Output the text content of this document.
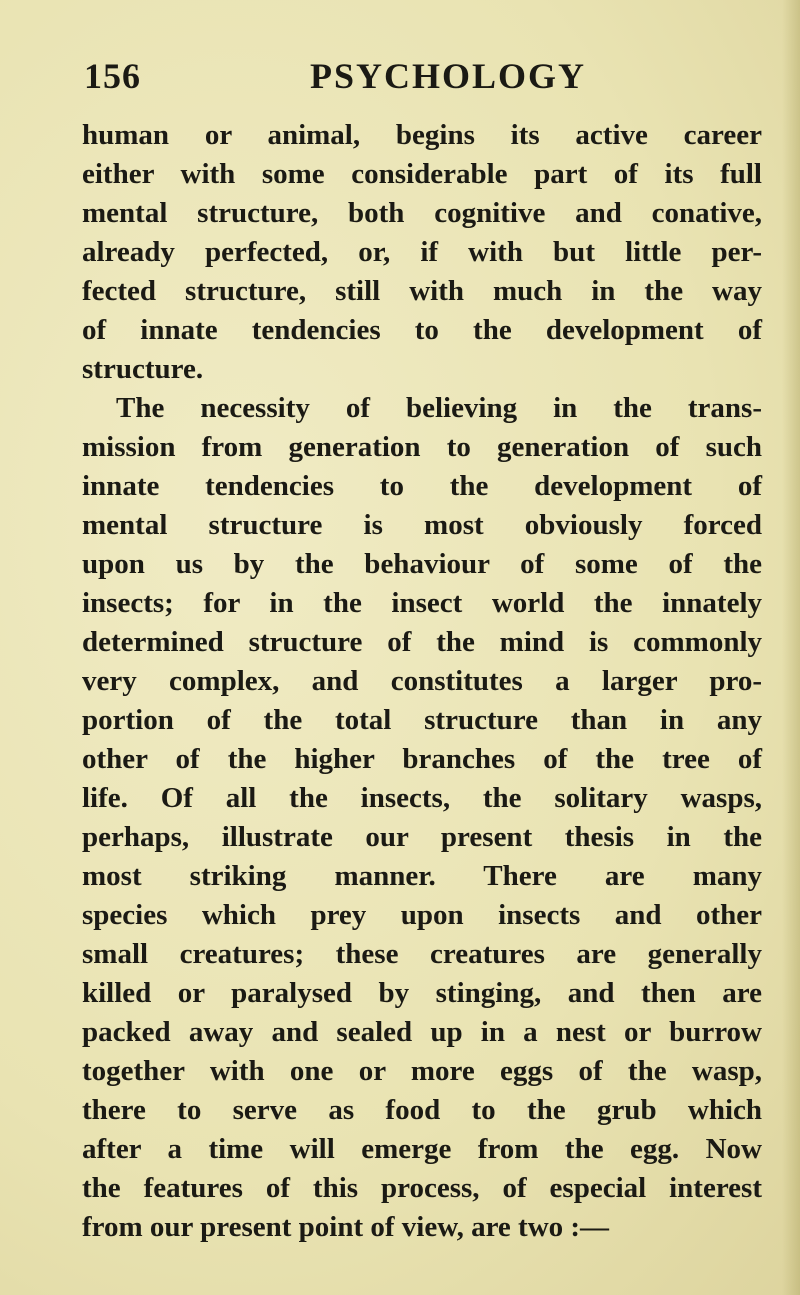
156	PSYCHOLOGY
human or animal, begins its active career
either with some considerable part of its full
mental structure, both cognitive and conative,
already perfected, or, if with but little per-
fected structure, still with much in the way
of innate tendencies to the development of
structure.
The necessity of believing in the trans-
mission from generation to generation of such
innate tendencies to the development of
mental structure is most obviously forced
upon us by the behaviour of some of the
insects; for in the insect world the innately
determined structure of the mind is commonly
very complex, and constitutes a larger pro-
portion of the total structure than in any
other of the higher branches of the tree of
life. Of all the insects, the solitary wasps,
perhaps, illustrate our present thesis in the
most striking manner. There are many
species which prey upon insects and other
small creatures; these creatures are generally
killed or paralysed by stinging, and then are
packed away and sealed up in a nest or burrow
together with one or more eggs of the wasp,
there to serve as food to the grub which
after a time will emerge from the egg. Now
the features of this process, of especial interest
from our present point of view, are two :—
